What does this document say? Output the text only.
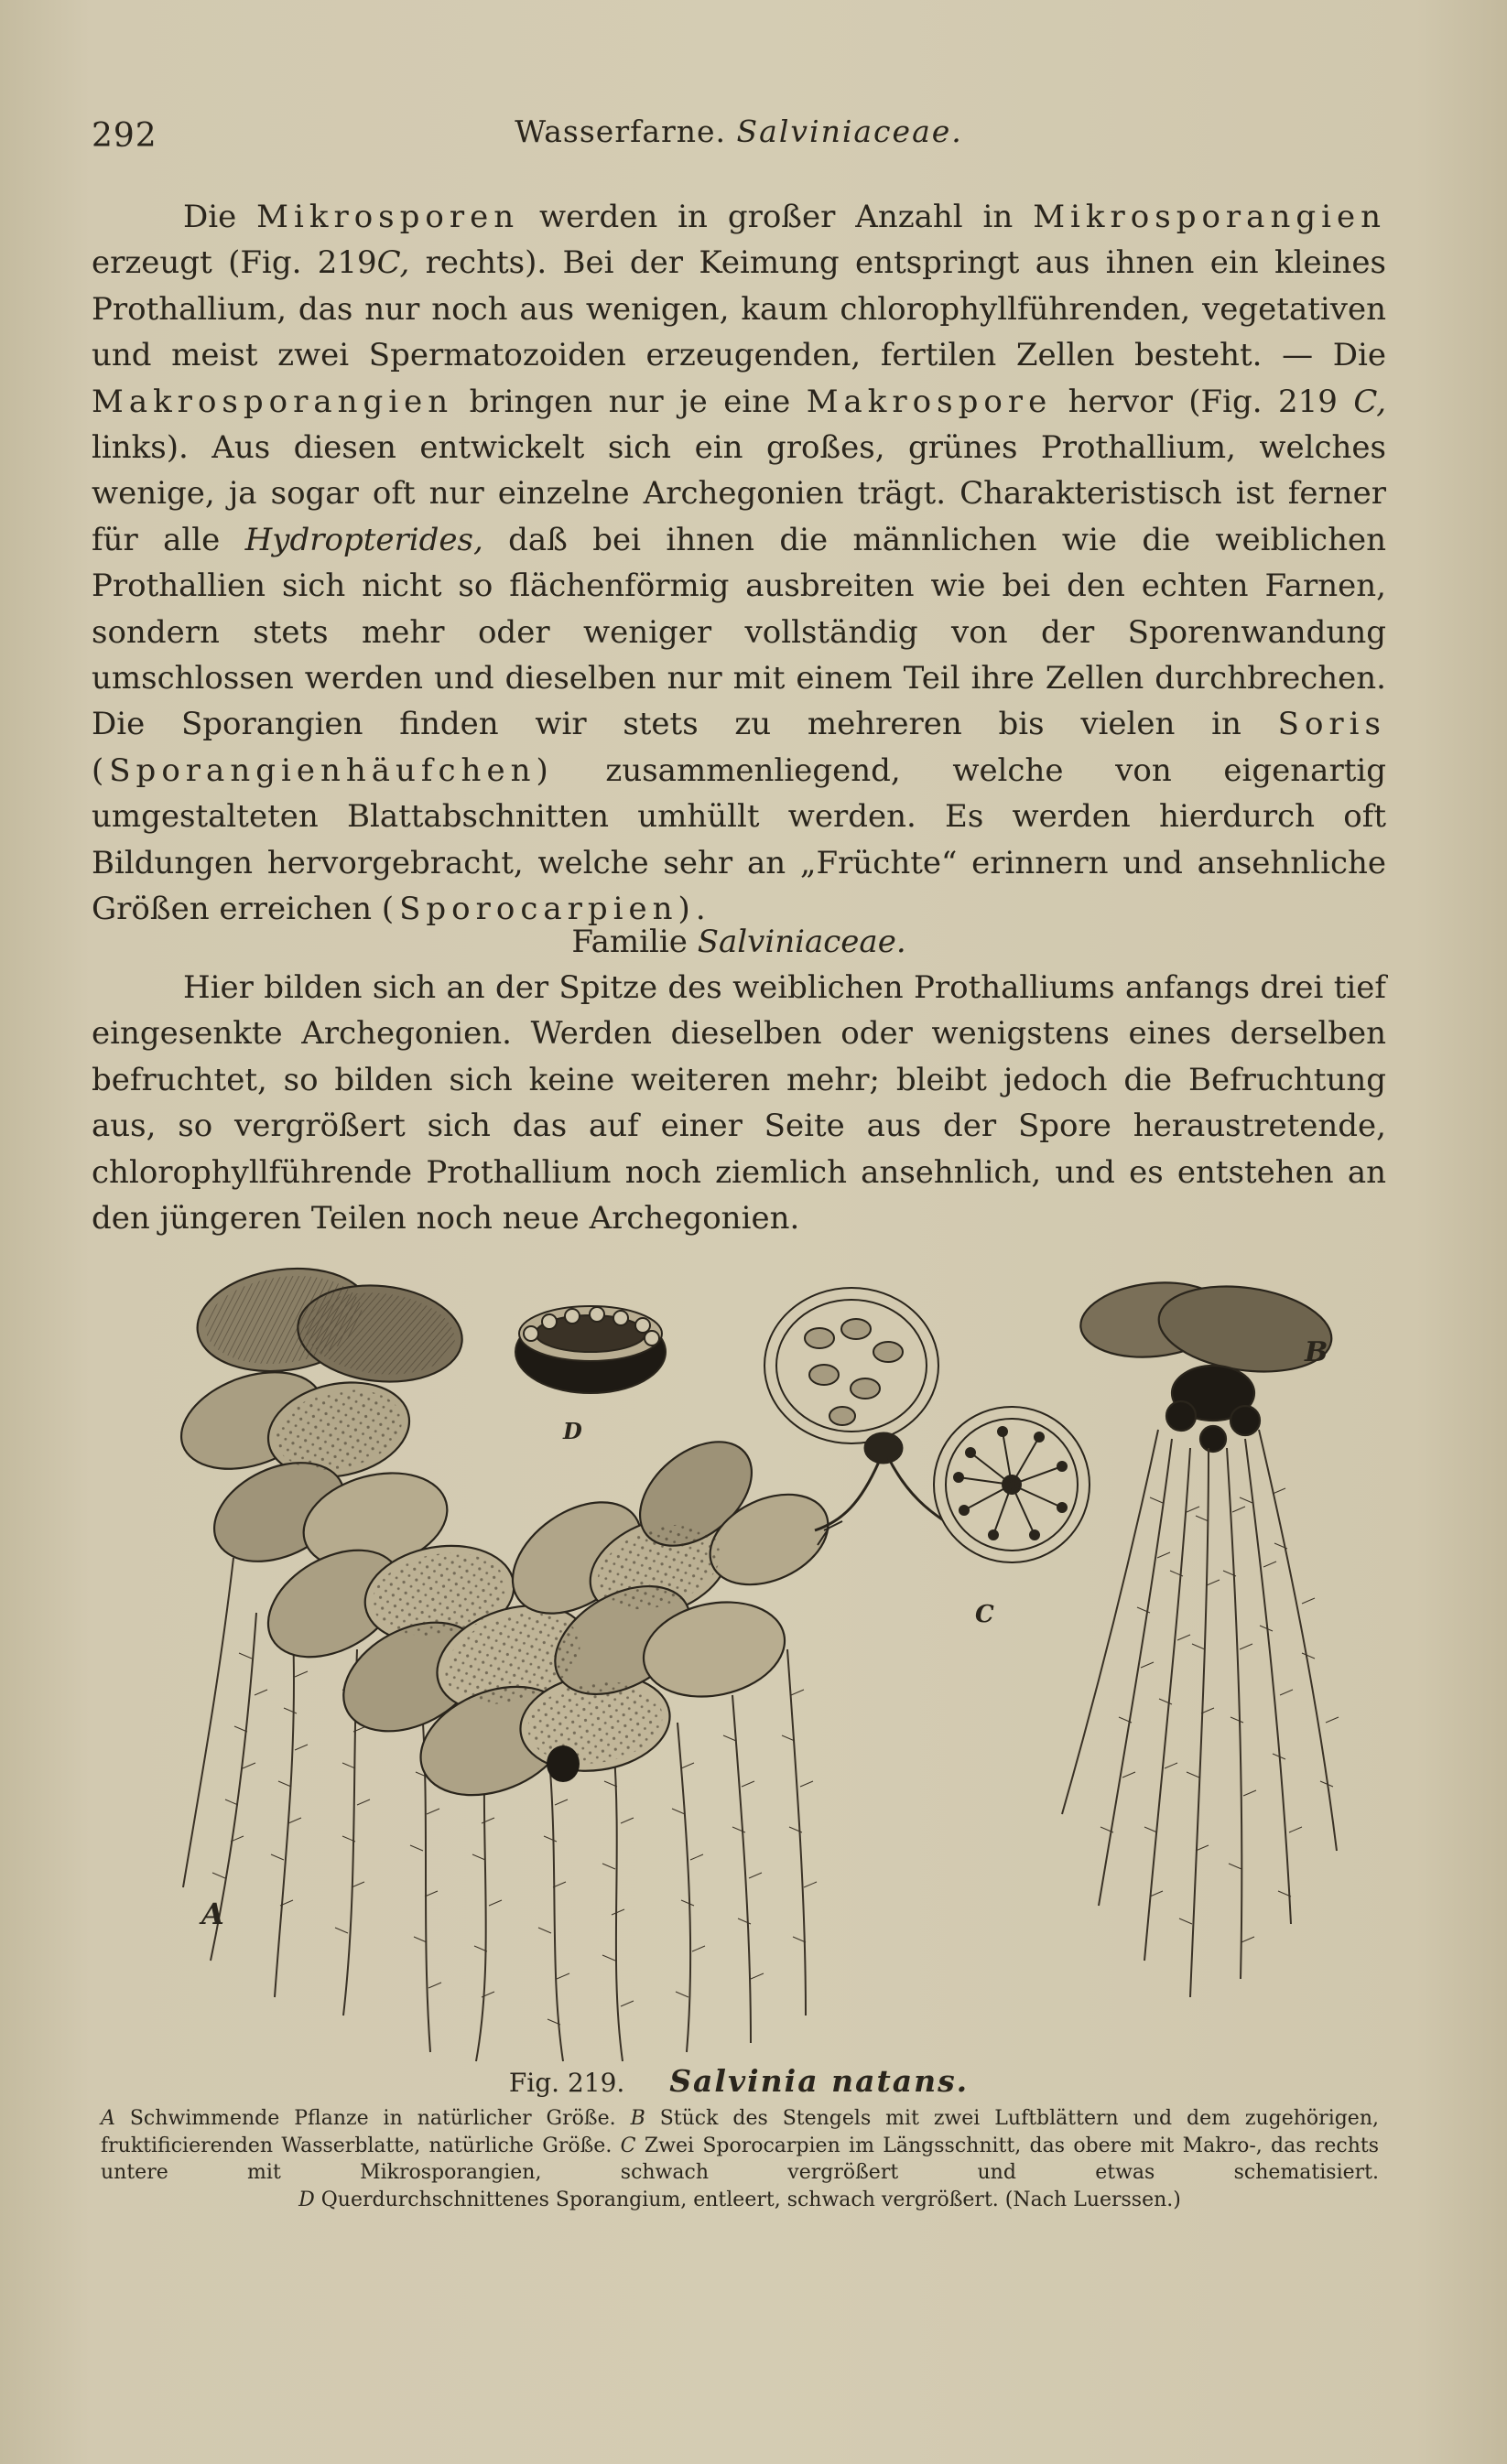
292	Wasserfarne. Salviniaceae.

Die Mikrosporen werden in großer Anzahl in Mikrosporangien erzeugt (Fig. 219C, rechts). Bei der Keimung entspringt aus ihnen ein kleines Prothallium, das nur noch aus wenigen, kaum chlorophyllführenden, vegetativen und meist zwei Spermatozoiden erzeugenden, fertilen Zellen besteht. — Die Makrosporangien bringen nur je eine Makrospore hervor (Fig. 219 C, links). Aus diesen entwickelt sich ein großes, grünes Prothallium, welches wenige, ja sogar oft nur einzelne Archegonien trägt. Charakteristisch ist ferner für alle Hydropterides, daß bei ihnen die männlichen wie die weiblichen Prothallien sich nicht so flächenförmig ausbreiten wie bei den echten Farnen, sondern stets mehr oder weniger vollständig von der Sporenwandung umschlossen werden und dieselben nur mit einem Teil ihre Zellen durchbrechen. Die Sporangien finden wir stets zu mehreren bis vielen in Soris (Sporangienhäufchen) zusammenliegend, welche von eigenartig umgestalteten Blattabschnitten umhüllt werden. Es werden hierdurch oft Bildungen hervorgebracht, welche sehr an „Früchte“ erinnern und ansehnliche Größen erreichen (Sporocarpien).

Familie Salviniaceae.

Hier bilden sich an der Spitze des weiblichen Prothalliums anfangs drei tief eingesenkte Archegonien. Werden dieselben oder wenigstens eines derselben befruchtet, so bilden sich keine weiteren mehr; bleibt jedoch die Befruchtung aus, so vergrößert sich das auf einer Seite aus der Spore heraustretende, chlorophyllführende Prothallium noch ziemlich ansehnlich, und es entstehen an den jüngeren Teilen noch neue Archegonien.

A
D
C
B
Fig. 219. Salvinia natans.

A Schwimmende Pflanze in natürlicher Größe. B Stück des Stengels mit zwei Luftblättern und dem zugehörigen, fruktificierenden Wasserblatte, natürliche Größe. C Zwei Sporocarpien im Längsschnitt, das obere mit Makro-, das rechts untere mit Mikrosporangien, schwach vergrößert und etwas schematisiert.

D Querdurchschnittenes Sporangium, entleert, schwach vergrößert. (Nach Luerssen.)
